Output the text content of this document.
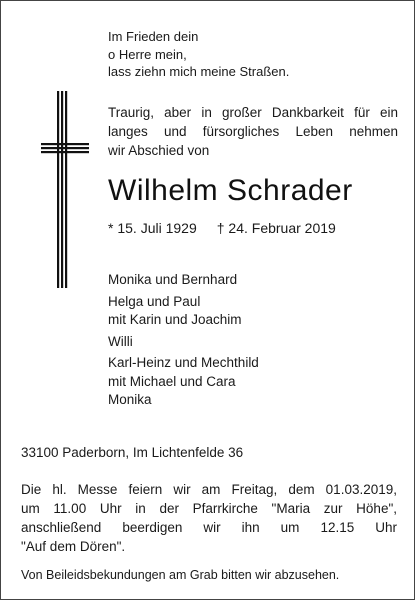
Im Frieden dein
o Herre mein,
lass ziehn mich meine Straßen.
Traurig, aber in großer Dankbarkeit für ein
langes und fürsorgliches Leben nehmen
wir Abschied von
Wilhelm Schrader
* 15. Juli 1929 † 24. Februar 2019
Monika und Bernhard
Helga und Paul
mit Karin und Joachim
Willi
Karl-Heinz und Mechthild
mit Michael und Cara
Monika
33100 Paderborn, Im Lichtenfelde 36
Die hl. Messe feiern wir am Freitag, dem 01.03.2019,
um 11.00 Uhr in der Pfarrkirche "Maria zur Höhe",
anschließend beerdigen wir ihn um 12.15 Uhr
"Auf dem Dören".
Von Beileidsbekundungen am Grab bitten wir abzusehen.
